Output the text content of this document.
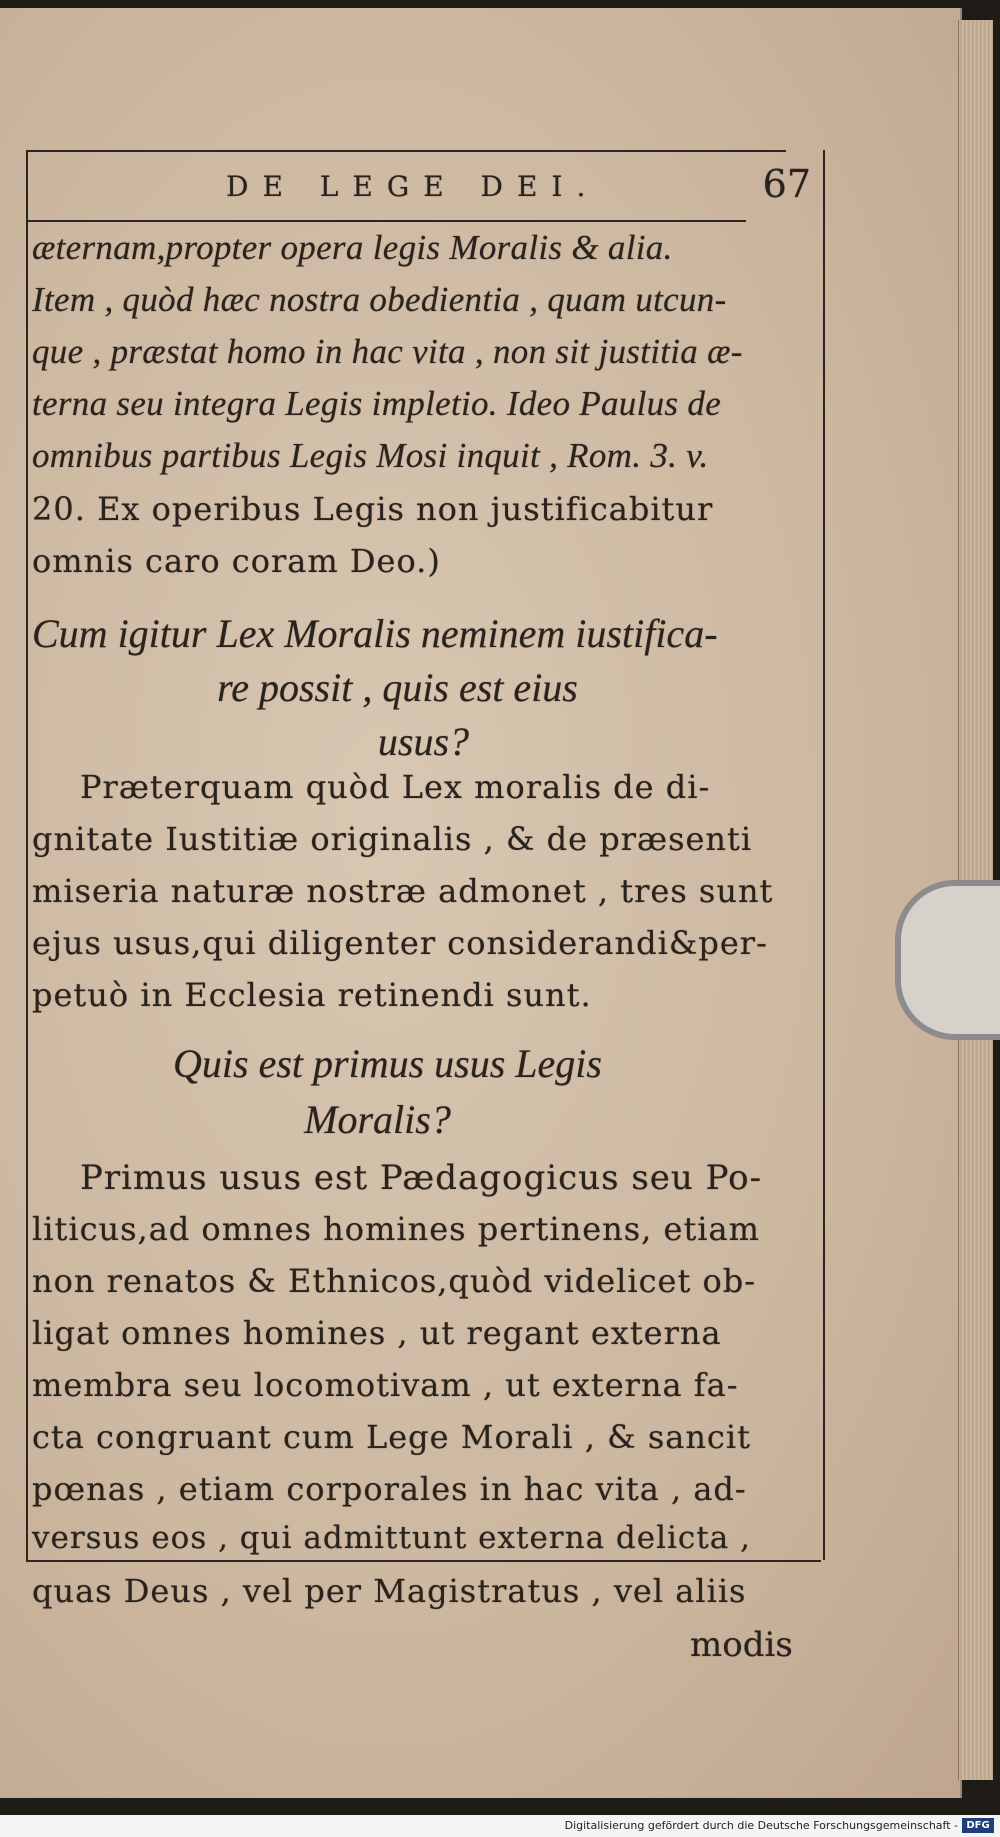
DE LEGE DEI.	67
æternam,propter opera legis Moralis & alia.
Item , quòd hæc nostra obedientia , quam utcun-
que , præstat homo in hac vita , non sit justitia æ-
terna seu integra Legis impletio. Ideo Paulus de
omnibus partibus Legis Mosi inquit , Rom. 3. v.
20. Ex operibus Legis non justificabitur
omnis caro coram Deo.)
Cum igitur Lex Moralis neminem iustifica-
re possit , quis est eius
usus?
Præterquam quòd Lex moralis de di-
gnitate Iustitiæ originalis , & de præsenti
miseria naturæ nostræ admonet , tres sunt
ejus usus,qui diligenter considerandi&per-
petuò in Ecclesia retinendi sunt.
Quis est primus usus Legis
Moralis?
Primus usus est Pædagogicus seu Po-
liticus,ad omnes homines pertinens, etiam
non renatos & Ethnicos,quòd videlicet ob-
ligat omnes homines , ut regant externa
membra seu locomotivam , ut externa fa-
cta congruant cum Lege Morali , & sancit
pœnas , etiam corporales in hac vita , ad-
versus eos , qui admittunt externa delicta ,
quas Deus , vel per Magistratus , vel aliis
modis
Digitalisierung gefördert durch die Deutsche Forschungsgemeinschaft - DFG
